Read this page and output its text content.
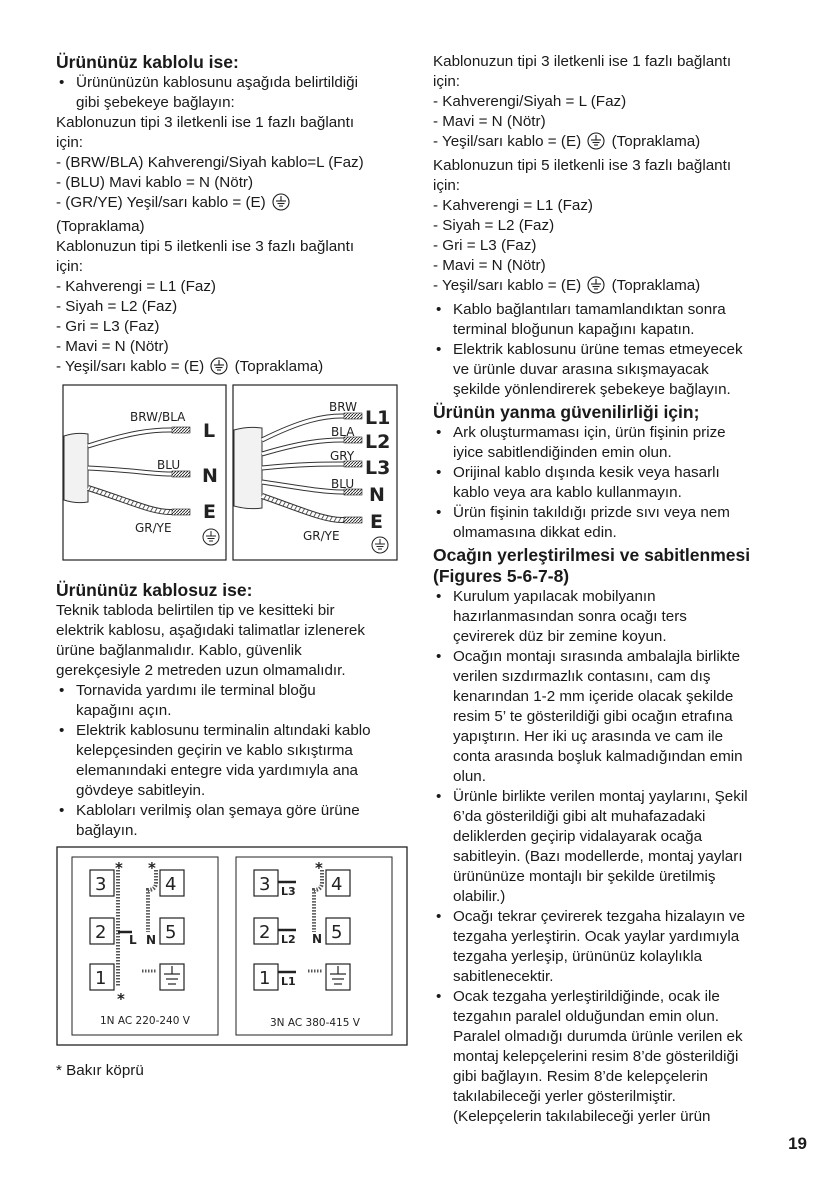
Ürününüz kablolu ise:
• Ürününüzün kablosunu aşağıda belirtildiği
gibi şebekeye bağlayın:
Kablonuzun tipi 3 iletkenli ise 1 fazlı bağlantı
için:
- (BRW/BLA) Kahverengi/Siyah kablo=L (Faz)
- (BLU) Mavi kablo = N (Nötr)
- (GR/YE) Yeşil/sarı kablo = (E)
(Topraklama)
Kablonuzun tipi 5 iletkenli ise 3 fazlı bağlantı
için:
- Kahverengi = L1 (Faz)
- Siyah = L2 (Faz)
- Gri = L3 (Faz)
- Mavi = N (Nötr)
- Yeşil/sarı kablo = (E) (Topraklama)
BRW/BLA
BLU
GR/YE
L
N
E
BRW
BLA
GRY
BLU
GR/YE
L1
L2
L3
N
E
Ürününüz kablosuz ise:
Teknik tabloda belirtilen tip ve kesitteki bir
elektrik kablosu, aşağıdaki talimatlar izlenerek
ürüne bağlanmalıdır. Kablo, güvenlik
gerekçesiyle 2 metreden uzun olmamalıdır.
• Tornavida yardımı ile terminal bloğu
kapağını açın.
• Elektrik kablosunu terminalin altındaki kablo
kelepçesinden geçirin ve kablo sıkıştırma
elemanındaki entegre vida yardımıyla ana
gövdeye sabitleyin.
• Kabloları verilmiş olan şemaya göre ürüne
bağlayın.
3	4
2	5
1
* *
*
L N
1N AC 220-240 V
3	4
2	5
1
L3
*
L2 N
L1
3N AC 380-415 V
* Bakır köprü
Kablonuzun tipi 3 iletkenli ise 1 fazlı bağlantı
için:
- Kahverengi/Siyah = L (Faz)
- Mavi = N (Nötr)
- Yeşil/sarı kablo = (E) (Topraklama)
Kablonuzun tipi 5 iletkenli ise 3 fazlı bağlantı
için:
- Kahverengi = L1 (Faz)
- Siyah = L2 (Faz)
- Gri = L3 (Faz)
- Mavi = N (Nötr)
- Yeşil/sarı kablo = (E) (Topraklama)
• Kablo bağlantıları tamamlandıktan sonra
terminal bloğunun kapağını kapatın.
• Elektrik kablosunu ürüne temas etmeyecek
ve ürünle duvar arasına sıkışmayacak
şekilde yönlendirerek şebekeye bağlayın.
Ürünün yanma güvenilirliği için;
• Ark oluşturmaması için, ürün fişinin prize
iyice sabitlendiğinden emin olun.
• Orijinal kablo dışında kesik veya hasarlı
kablo veya ara kablo kullanmayın.
• Ürün fişinin takıldığı prizde sıvı veya nem
olmamasına dikkat edin.
Ocağın yerleştirilmesi ve sabitlenmesi
(Figures 5-6-7-8)
• Kurulum yapılacak mobilyanın
hazırlanmasından sonra ocağı ters
çevirerek düz bir zemine koyun.
• Ocağın montajı sırasında ambalajla birlikte
verilen sızdırmazlık contasını, cam dış
kenarından 1-2 mm içeride olacak şekilde
resim 5’ te gösterildiği gibi ocağın etrafına
yapıştırın. Her iki uç arasında ve cam ile
conta arasında boşluk kalmadığından emin
olun.
• Ürünle birlikte verilen montaj yaylarını, Şekil
6’da gösterildiği gibi alt muhafazadaki
deliklerden geçirip vidalayarak ocağa
sabitleyin. (Bazı modellerde, montaj yayları
ürününüze montajlı bir şekilde üretilmiş
olabilir.)
• Ocağı tekrar çevirerek tezgaha hizalayın ve
tezgaha yerleştirin. Ocak yaylar yardımıyla
tezgaha yerleşip, ürününüz kolaylıkla
sabitlenecektir.
• Ocak tezgaha yerleştirildiğinde, ocak ile
tezgahın paralel olduğundan emin olun.
Paralel olmadığı durumda ürünle verilen ek
montaj kelepçelerini resim 8’de gösterildiği
gibi bağlayın. Resim 8’de kelepçelerin
takılabileceği yerler gösterilmiştir.
(Kelepçelerin takılabileceği yerler ürün
19
